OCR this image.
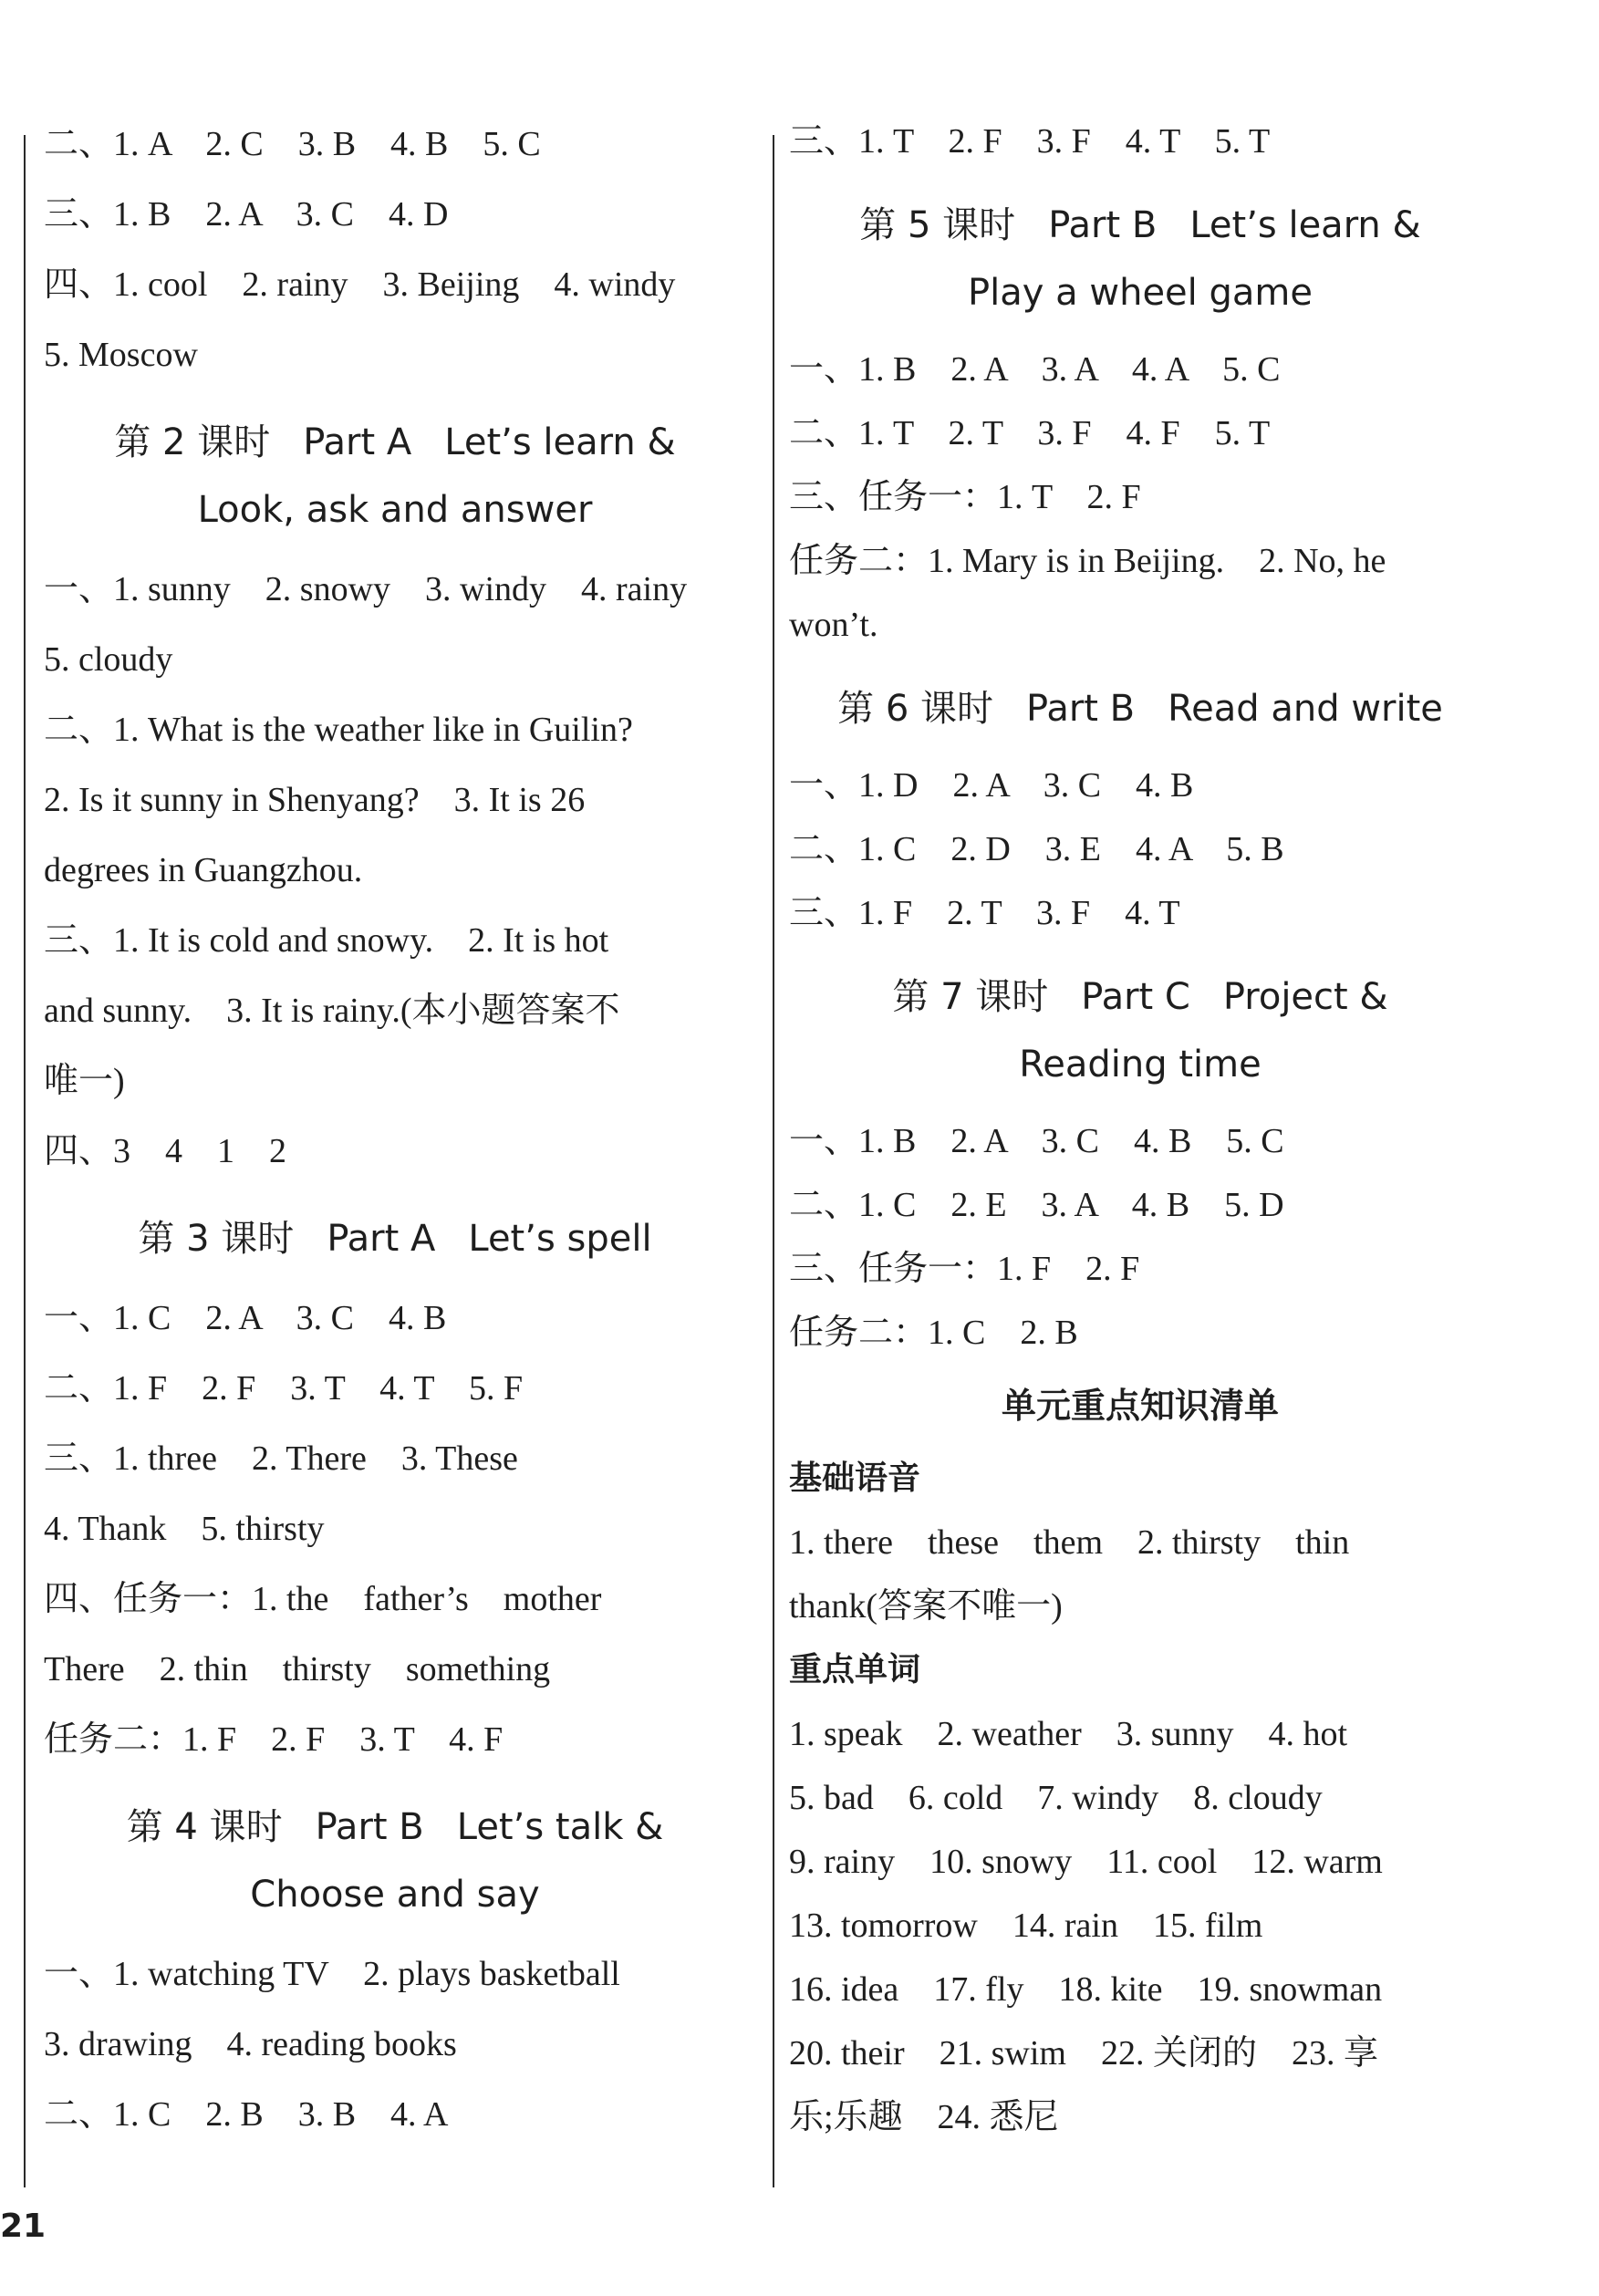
二、1. A　2. C　3. B　4. B　5. C
三、1. B　2. A　3. C　4. D
四、1. cool　2. rainy　3. Beijing　4. windy
5. Moscow
第 2 课时 Part A Let’s learn &
Look, ask and answer
一、1. sunny　2. snowy　3. windy　4. rainy
5. cloudy
二、1. What is the weather like in Guilin?
2. Is it sunny in Shenyang?　3. It is 26
degrees in Guangzhou.
三、1. It is cold and snowy.　2. It is hot
and sunny.　3. It is rainy.(本小题答案不
唯一)
四、3　4　1　2
第 3 课时 Part A Let’s spell
一、1. C　2. A　3. C　4. B
二、1. F　2. F　3. T　4. T　5. F
三、1. three　2. There　3. These
4. Thank　5. thirsty
四、任务一：1. the　father’s　mother
There　2. thin　thirsty　something
任务二：1. F　2. F　3. T　4. F
第 4 课时 Part B Let’s talk &
Choose and say
一、1. watching TV　2. plays basketball
3. drawing　4. reading books
二、1. C　2. B　3. B　4. A
三、1. T　2. F　3. F　4. T　5. T
第 5 课时 Part B Let’s learn &
Play a wheel game
一、1. B　2. A　3. A　4. A　5. C
二、1. T　2. T　3. F　4. F　5. T
三、任务一：1. T　2. F
任务二：1. Mary is in Beijing.　2. No, he
won’t.
第 6 课时 Part B Read and write
一、1. D　2. A　3. C　4. B
二、1. C　2. D　3. E　4. A　5. B
三、1. F　2. T　3. F　4. T
第 7 课时 Part C Project &
Reading time
一、1. B　2. A　3. C　4. B　5. C
二、1. C　2. E　3. A　4. B　5. D
三、任务一：1. F　2. F
任务二：1. C　2. B
单元重点知识清单
基础语音
1. there　these　them　2. thirsty　thin
thank(答案不唯一)
重点单词
1. speak　2. weather　3. sunny　4. hot
5. bad　6. cold　7. windy　8. cloudy
9. rainy　10. snowy　11. cool　12. warm
13. tomorrow　14. rain　15. film
16. idea　17. fly　18. kite　19. snowman
20. their　21. swim　22. 关闭的　23. 享
乐;乐趣　24. 悉尼
21
